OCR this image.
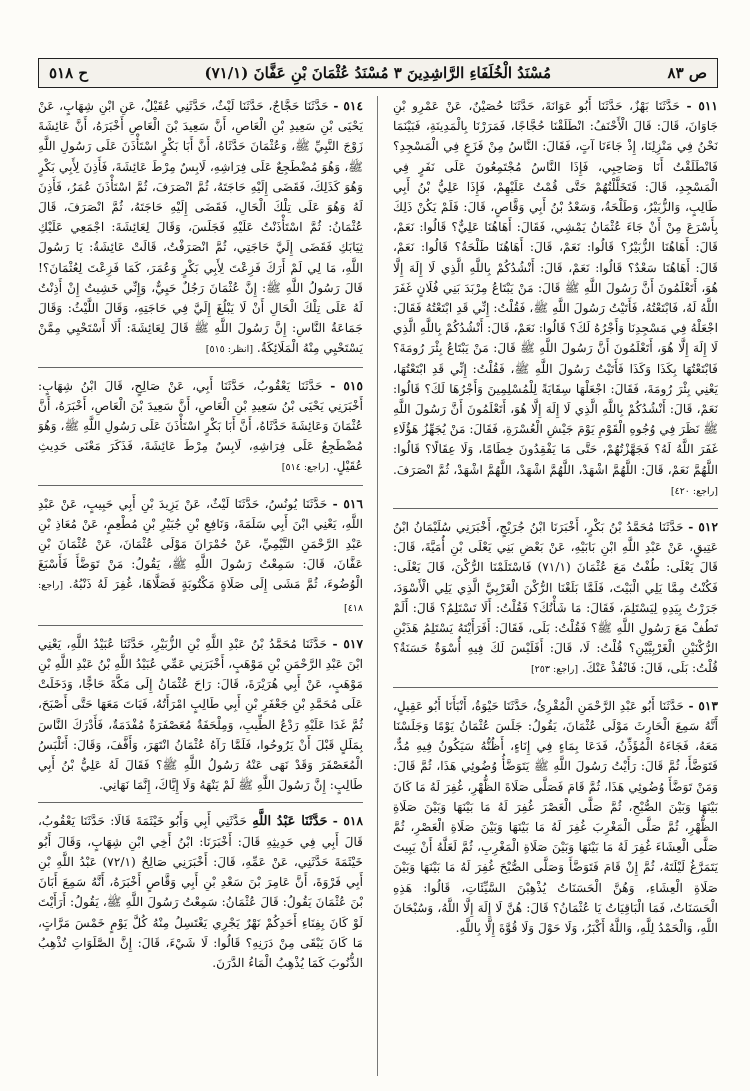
ص ٨٣
مُسْنَدُ الْخُلَفَاءِ الرَّاشِدِينَ ٣ مُسْنَدُ عُثْمَانَ بْنِ عَفَّانَ (٧١/١)
ح ٥١٨
٥١١ - حَدَّثَنَا بَهْزٌ، حَدَّثَنَا أَبُو عَوَانَةَ، حَدَّثَنَا حُصَيْنٌ، عَنْ عَمْرِو بْنِ جَاوَانَ، قَالَ: قَالَ الْأَحْنَفُ: انْطَلَقْنَا حُجَّاجًا، فَمَرَرْنَا بِالْمَدِينَةِ، فَبَيْنَمَا نَحْنُ فِي مَنْزِلِنَا، إِذْ جَاءَنَا آتٍ، فَقَالَ: النَّاسُ مِنْ فَزَعٍ فِي الْمَسْجِدِ؟ فَانْطَلَقْتُ أَنَا وَصَاحِبِي، فَإِذَا النَّاسُ مُجْتَمِعُونَ عَلَى نَفَرٍ فِي الْمَسْجِدِ، قَالَ: فَتَخَلَّلْتُهُمْ حَتَّى قُمْتُ عَلَيْهِمْ، فَإِذَا عَلِيُّ بْنُ أَبِي طَالِبٍ، وَالزُّبَيْرُ، وَطَلْحَةُ، وَسَعْدُ بْنُ أَبِي وَقَّاصٍ، قَالَ: فَلَمْ يَكُنْ ذَلِكَ بِأَسْرَعَ مِنْ أَنْ جَاءَ عُثْمَانُ يَمْشِي، فَقَالَ: أَهَاهُنَا عَلِيٌّ؟ قَالُوا: نَعَمْ، قَالَ: أَهَاهُنَا الزُّبَيْرُ؟ قَالُوا: نَعَمْ، قَالَ: أَهَاهُنَا طَلْحَةُ؟ قَالُوا: نَعَمْ، قَالَ: أَهَاهُنَا سَعْدٌ؟ قَالُوا: نَعَمْ، قَالَ: أَنْشُدُكُمْ بِاللَّهِ الَّذِي لَا إِلَهَ إِلَّا هُوَ، أَتَعْلَمُونَ أَنَّ رَسُولَ اللَّهِ ﷺ قَالَ: مَنْ يَبْتَاعُ مِرْبَدَ بَنِي فُلَانٍ غَفَرَ اللَّهُ لَهُ، فَابْتَعْتُهُ، فَأَتَيْتُ رَسُولَ اللَّهِ ﷺ، فَقُلْتُ: إِنِّي قَدِ ابْتَعْتُهُ فَقَالَ: اجْعَلْهُ فِي مَسْجِدِنَا وَأَجْرُهُ لَكَ؟ قَالُوا: نَعَمْ، قَالَ: أَنْشُدُكُمْ بِاللَّهِ الَّذِي لَا إِلَهَ إِلَّا هُوَ، أَتَعْلَمُونَ أَنَّ رَسُولَ اللَّهِ ﷺ قَالَ: مَنْ يَبْتَاعُ بِئْرَ رُومَةَ؟ فَابْتَعْتُهَا بِكَذَا وَكَذَا فَأَتَيْتُ رَسُولَ اللَّهِ ﷺ، فَقُلْتُ: إِنِّي قَدِ ابْتَعْتُهَا، يَعْنِي بِئْرَ رُومَةَ، فَقَالَ: اجْعَلْهَا سِقَايَةً لِلْمُسْلِمِينَ وَأَجْرُهَا لَكَ؟ قَالُوا: نَعَمْ، قَالَ: أَنْشُدُكُمْ بِاللَّهِ الَّذِي لَا إِلَهَ إِلَّا هُوَ، أَتَعْلَمُونَ أَنَّ رَسُولَ اللَّهِ ﷺ نَظَرَ فِي وُجُوهِ الْقَوْمِ يَوْمَ جَيْشِ الْعُسْرَةِ، فَقَالَ: مَنْ يُجَهِّزُ هَؤُلَاءِ غَفَرَ اللَّهُ لَهُ؟ فَجَهَّزْتُهُمْ، حَتَّى مَا يَفْقِدُونَ خِطَامًا، وَلَا عِقَالًا؟ قَالُوا: اللَّهُمَّ نَعَمْ، قَالَ: اللَّهُمَّ اشْهَدْ، اللَّهُمَّ اشْهَدْ، اللَّهُمَّ اشْهَدْ، ثُمَّ انْصَرَفَ. [راجع: ٤٢٠]
٥١٢ - حَدَّثَنَا مُحَمَّدُ بْنُ بَكْرٍ، أَخْبَرَنَا ابْنُ جُرَيْجٍ، أَخْبَرَنِي سُلَيْمَانُ ابْنُ عَتِيقٍ، عَنْ عَبْدِ اللَّهِ ابْنِ بَابَيْهِ، عَنْ بَعْضِ بَنِي يَعْلَى بْنِ أُمَيَّةَ، قَالَ: قَالَ يَعْلَى: طُفْتُ مَعَ عُثْمَانَ (٧١/١) فَاسْتَلَمْنَا الرُّكْنَ، قَالَ يَعْلَى: فَكُنْتُ مِمَّا يَلِي الْبَيْتَ، فَلَمَّا بَلَغْنَا الرُّكْنَ الْغَرْبِيَّ الَّذِي يَلِي الْأَسْوَدَ، جَرَرْتُ بِيَدِهِ لِيَسْتَلِمَ، فَقَالَ: مَا شَأْنُكَ؟ فَقُلْتُ: أَلَا تَسْتَلِمُ؟ قَالَ: أَلَمْ تَطُفْ مَعَ رَسُولِ اللَّهِ ﷺ؟ فَقُلْتُ: بَلَى، فَقَالَ: أَفَرَأَيْتَهُ يَسْتَلِمُ هَذَيْنِ الرُّكْنَيْنِ الْغَرْبِيَّيْنِ؟ قُلْتُ: لَا، قَالَ: أَفَلَيْسَ لَكَ فِيهِ أُسْوَةٌ حَسَنَةٌ؟ قُلْتُ: بَلَى، قَالَ: فَانْفُذْ عَنْكَ. [راجع: ٢٥٣]
٥١٣ - حَدَّثَنَا أَبُو عَبْدِ الرَّحْمَنِ الْمُقْرِئُ، حَدَّثَنَا حَيْوَةُ، أَنْبَأَنَا أَبُو عَقِيلٍ، أَنَّهُ سَمِعَ الْحَارِثَ مَوْلَى عُثْمَانَ، يَقُولُ: جَلَسَ عُثْمَانُ يَوْمًا وَجَلَسْنَا مَعَهُ، فَجَاءَهُ الْمُؤَذِّنُ، فَدَعَا بِمَاءٍ فِي إِنَاءٍ، أَظُنُّهُ سَيَكُونُ فِيهِ مُدٌّ، فَتَوَضَّأَ، ثُمَّ قَالَ: رَأَيْتُ رَسُولَ اللَّهِ ﷺ يَتَوَضَّأُ وُضُوئِي هَذَا، ثُمَّ قَالَ: وَمَنْ تَوَضَّأَ وُضُوئِي هَذَا، ثُمَّ قَامَ فَصَلَّى صَلَاةَ الظُّهْرِ، غُفِرَ لَهُ مَا كَانَ بَيْنَهَا وَبَيْنَ الصُّبْحِ، ثُمَّ صَلَّى الْعَصْرَ غُفِرَ لَهُ مَا بَيْنَهَا وَبَيْنَ صَلَاةِ الظُّهْرِ، ثُمَّ صَلَّى الْمَغْرِبَ غُفِرَ لَهُ مَا بَيْنَهَا وَبَيْنَ صَلَاةِ الْعَصْرِ، ثُمَّ صَلَّى الْعِشَاءَ غُفِرَ لَهُ مَا بَيْنَهَا وَبَيْنَ صَلَاةِ الْمَغْرِبِ، ثُمَّ لَعَلَّهُ أَنْ يَبِيتَ يَتَمَرَّغُ لَيْلَتَهُ، ثُمَّ إِنْ قَامَ فَتَوَضَّأَ وَصَلَّى الصُّبْحَ غُفِرَ لَهُ مَا بَيْنَهَا وَبَيْنَ صَلَاةِ الْعِشَاءِ، وَهُنَّ الْحَسَنَاتُ يُذْهِبْنَ السَّيِّئَاتِ، قَالُوا: هَذِهِ الْحَسَنَاتُ، فَمَا الْبَاقِيَاتُ يَا عُثْمَانُ؟ قَالَ: هُنَّ لَا إِلَهَ إِلَّا اللَّهُ، وَسُبْحَانَ اللَّهِ، وَالْحَمْدُ لِلَّهِ، وَاللَّهُ أَكْبَرُ، وَلَا حَوْلَ وَلَا قُوَّةَ إِلَّا بِاللَّهِ.
٥١٤ - حَدَّثَنَا حَجَّاجٌ، حَدَّثَنَا لَيْثٌ، حَدَّثَنِي عُقَيْلٌ، عَنِ ابْنِ شِهَابٍ، عَنْ يَحْيَى بْنِ سَعِيدِ بْنِ الْعَاصِ، أَنَّ سَعِيدَ بْنَ الْعَاصِ أَخْبَرَهُ، أَنَّ عَائِشَةَ زَوْجَ النَّبِيِّ ﷺ، وَعُثْمَانَ حَدَّثَاهُ، أَنَّ أَبَا بَكْرٍ اسْتَأْذَنَ عَلَى رَسُولِ اللَّهِ ﷺ، وَهُوَ مُضْطَجِعٌ عَلَى فِرَاشِهِ، لَابِسٌ مِرْطَ عَائِشَةَ، فَأَذِنَ لِأَبِي بَكْرٍ وَهُوَ كَذَلِكَ، فَقَضَى إِلَيْهِ حَاجَتَهُ، ثُمَّ انْصَرَفَ، ثُمَّ اسْتَأْذَنَ عُمَرُ، فَأَذِنَ لَهُ وَهُوَ عَلَى تِلْكَ الْحَالِ، فَقَضَى إِلَيْهِ حَاجَتَهُ، ثُمَّ انْصَرَفَ، قَالَ عُثْمَانُ: ثُمَّ اسْتَأْذَنْتُ عَلَيْهِ فَجَلَسَ، وَقَالَ لِعَائِشَةَ: اجْمَعِي عَلَيْكِ ثِيَابَكِ فَقَضَى إِلَيَّ حَاجَتِي، ثُمَّ انْصَرَفْتُ، قَالَتْ عَائِشَةُ: يَا رَسُولَ اللَّهِ، مَا لِي لَمْ أَرَكَ فَزِعْتَ لِأَبِي بَكْرٍ وَعُمَرَ، كَمَا فَزِعْتَ لِعُثْمَانَ؟! قَالَ رَسُولُ اللَّهِ ﷺ: إِنَّ عُثْمَانَ رَجُلٌ حَيِيٌّ، وَإِنِّي خَشِيتُ إِنْ أَذِنْتُ لَهُ عَلَى تِلْكَ الْحَالِ أَنْ لَا يَبْلُغَ إِلَيَّ فِي حَاجَتِهِ، وَقَالَ اللَّيْثُ: وَقَالَ جَمَاعَةُ النَّاسِ: إِنَّ رَسُولَ اللَّهِ ﷺ قَالَ لِعَائِشَةَ: أَلَا أَسْتَحْيِي مِمَّنْ يَسْتَحْيِي مِنْهُ الْمَلَائِكَةُ. [انظر: ٥١٥]
٥١٥ - حَدَّثَنَا يَعْقُوبُ، حَدَّثَنَا أَبِي، عَنْ صَالِحٍ، قَالَ ابْنُ شِهَابٍ: أَخْبَرَنِي يَحْيَى بْنُ سَعِيدِ بْنِ الْعَاصِ، أَنَّ سَعِيدَ بْنَ الْعَاصِ، أَخْبَرَهُ، أَنَّ عُثْمَانَ وَعَائِشَةَ حَدَّثَاهُ، أَنَّ أَبَا بَكْرٍ اسْتَأْذَنَ عَلَى رَسُولِ اللَّهِ ﷺ، وَهُوَ مُضْطَجِعٌ عَلَى فِرَاشِهِ، لَابِسٌ مِرْطَ عَائِشَةَ، فَذَكَرَ مَعْنَى حَدِيثِ عُقَيْلٍ. [راجع: ٥١٤]
٥١٦ - حَدَّثَنَا يُونُسُ، حَدَّثَنَا لَيْثٌ، عَنْ يَزِيدَ بْنِ أَبِي حَبِيبٍ، عَنْ عَبْدِ اللَّهِ، يَعْنِي ابْنَ أَبِي سَلَمَةَ، وَنَافِعِ بْنِ جُبَيْرِ بْنِ مُطْعِمٍ، عَنْ مُعَاذِ بْنِ عَبْدِ الرَّحْمَنِ التَّيْمِيِّ، عَنْ حُمْرَانَ مَوْلَى عُثْمَانَ، عَنْ عُثْمَانَ بْنِ عَفَّانَ، قَالَ: سَمِعْتُ رَسُولَ اللَّهِ ﷺ، يَقُولُ: مَنْ تَوَضَّأَ فَأَسْبَغَ الْوُضُوءَ، ثُمَّ مَشَى إِلَى صَلَاةٍ مَكْتُوبَةٍ فَصَلَّاهَا، غُفِرَ لَهُ ذَنْبُهُ. [راجع: ٤١٨]
٥١٧ - حَدَّثَنَا مُحَمَّدُ بْنُ عَبْدِ اللَّهِ بْنِ الزُّبَيْرِ، حَدَّثَنَا عُبَيْدُ اللَّهِ، يَعْنِي ابْنَ عَبْدِ الرَّحْمَنِ بْنِ مَوْهَبٍ، أَخْبَرَنِي عَمِّي عُبَيْدُ اللَّهِ بْنُ عَبْدِ اللَّهِ بْنِ مَوْهَبٍ، عَنْ أَبِي هُرَيْرَةَ، قَالَ: رَاحَ عُثْمَانُ إِلَى مَكَّةَ حَاجًّا، وَدَخَلَتْ عَلَى مُحَمَّدِ بْنِ جَعْفَرِ بْنِ أَبِي طَالِبٍ امْرَأَتُهُ، فَبَاتَ مَعَهَا حَتَّى أَصْبَحَ، ثُمَّ غَدَا عَلَيْهِ رَدْعُ الطِّيبِ، وَمِلْحَفَةٌ مُعَصْفَرَةٌ مُفْدَمَةٌ، فَأَدْرَكَ النَّاسَ بِمَلَلٍ قَبْلَ أَنْ يَرُوحُوا، فَلَمَّا رَآهُ عُثْمَانُ انْتَهَرَ، وَأَفَّفَ، وَقَالَ: أَتَلْبَسُ الْمُعَصْفَرَ وَقَدْ نَهَى عَنْهُ رَسُولُ اللَّهِ ﷺ؟ فَقَالَ لَهُ عَلِيُّ بْنُ أَبِي طَالِبٍ: إِنَّ رَسُولَ اللَّهِ ﷺ لَمْ يَنْهَهُ وَلَا إِيَّاكَ، إِنَّمَا نَهَانِي.
٥١٨ - حَدَّثَنَا عَبْدُ اللَّهِ حَدَّثَنِي أَبِي وَأَبُو خَيْثَمَةَ قَالَا: حَدَّثَنَا يَعْقُوبُ، قَالَ أَبِي فِي حَدِيثِهِ قَالَ: أَخْبَرَنَا: ابْنُ أَخِي ابْنِ شِهَابٍ، وَقَالَ أَبُو خَيْثَمَةَ حَدَّثَنِي، عَنْ عَمِّهِ، قَالَ: أَخْبَرَنِي صَالِحٌ (٧٢/١) عَبْدُ اللَّهِ بْنِ أَبِي فَرْوَةَ، أَنَّ عَامِرَ بْنَ سَعْدِ بْنِ أَبِي وَقَّاصٍ أَخْبَرَهُ، أَنَّهُ سَمِعَ أَبَانَ بْنَ عُثْمَانَ يَقُولُ: قَالَ عُثْمَانُ: سَمِعْتُ رَسُولَ اللَّهِ ﷺ، يَقُولُ: أَرَأَيْتَ لَوْ كَانَ بِفِنَاءِ أَحَدِكُمْ نَهْرٌ يَجْرِي يَغْتَسِلُ مِنْهُ كُلَّ يَوْمٍ خَمْسَ مَرَّاتٍ، مَا كَانَ يَبْقَى مِنْ دَرَنِهِ؟ قَالُوا: لَا شَيْءَ، قَالَ: إِنَّ الصَّلَوَاتِ تُذْهِبُ الذُّنُوبَ كَمَا يُذْهِبُ الْمَاءُ الدَّرَنَ.
